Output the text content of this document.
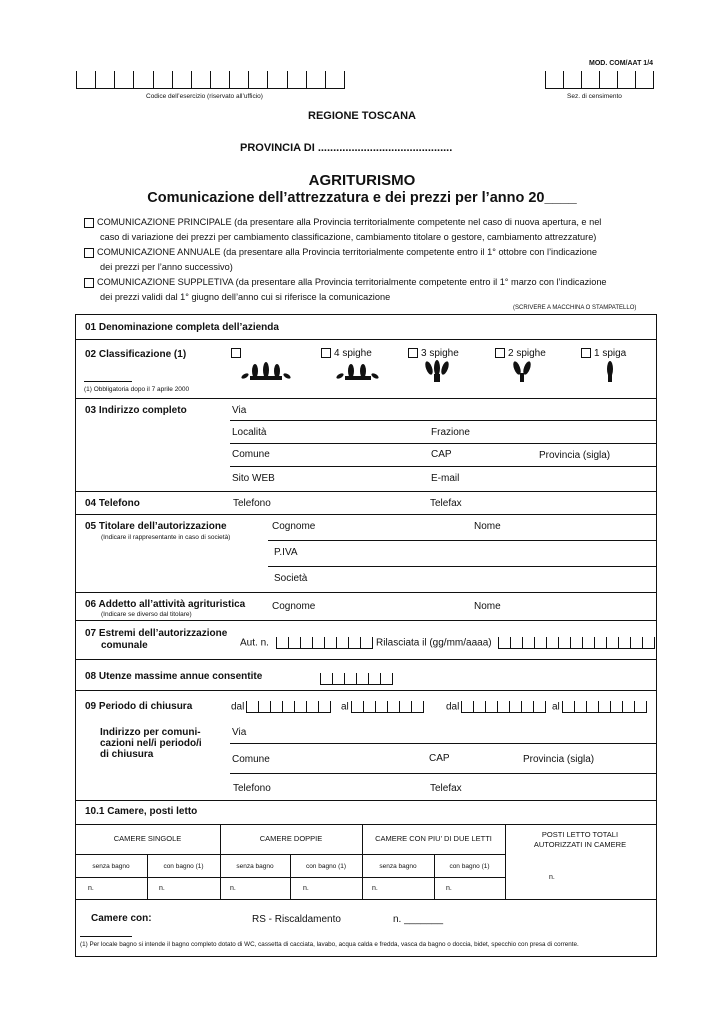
MOD. COM/AAT 1/4
Codice dell’esercizio (riservato all’ufficio)	Sez. di censimento
REGIONE TOSCANA
PROVINCIA DI ............................................
AGRITURISMO
Comunicazione dell’attrezzatura e dei prezzi per l’anno 20____

COMUNICAZIONE PRINCIPALE (da presentare alla Provincia territorialmente competente nel caso di nuova apertura, e nel

caso di variazione dei prezzi per cambiamento classificazione, cambiamento titolare o gestore, cambiamento attrezzature)

COMUNICAZIONE ANNUALE (da presentare alla Provincia territorialmente competente entro il 1° ottobre con l’indicazione

dei prezzi per l’anno successivo)

COMUNICAZIONE SUPPLETIVA (da presentare alla Provincia territorialmente competente entro il 1° marzo con l’indicazione

dei prezzi validi dal 1° giugno dell’anno cui si riferisce la comunicazione

(SCRIVERE A MACCHINA O STAMPATELLO)
01 Denominazione completa dell’azienda
02 Classificazione (1)	4 spighe	3 spighe	2 spighe	1 spiga
(1) Obbligatoria dopo il 7 aprile 2000
03 Indirizzo completo	Via
Località	Frazione
Comune	CAP	Provincia (sigla)
Sito WEB	E-mail
04 Telefono	Telefono	Telefax
05 Titolare dell’autorizzazione
(Indicare il rappresentante in caso di società)
Cognome	Nome
P.IVA
Società
06 Addetto all’attività agrituristica
(Indicare se diverso dal titolare)
Cognome	Nome
07 Estremi dell’autorizzazione
comunale	Aut. n.	Rilasciata il (gg/mm/aaaa)
08 Utenze massime annue consentite
09 Periodo di chiusura	dal	al	dal	al
Indirizzo per comuni-
cazioni nel/i periodo/i
di chiusura
Via
Comune	CAP	Provincia (sigla)
Telefono	Telefax
10.1 Camere, posti letto
CAMERE SINGOLE	CAMERE DOPPIE	CAMERE CON PIU’ DI DUE LETTI	POSTI LETTO TOTALI
AUTORIZZATI IN CAMERE
senza bagno	con bagno (1)	senza bagno	con bagno (1)	senza bagno	con bagno (1)
n.	n.	n.	n.	n.	n.
n.
Camere con:	RS - Riscaldamento	n. _______
(1) Per locale bagno si intende il bagno completo dotato di WC, cassetta di cacciata, lavabo, acqua calda e fredda, vasca da bagno o doccia, bidet, specchio con presa di corrente.
